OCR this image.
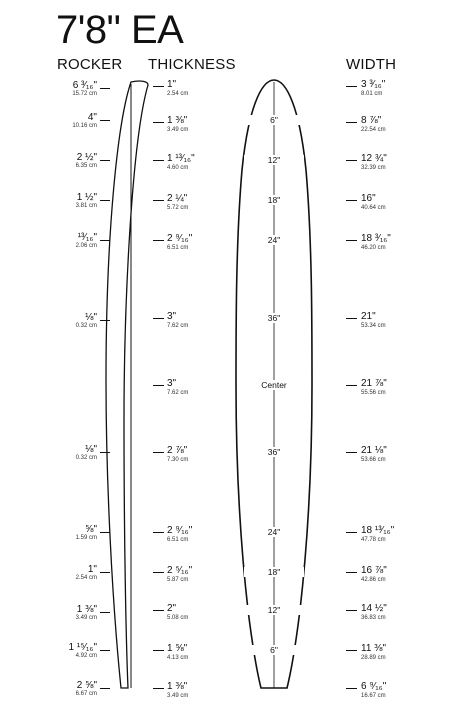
7'8" EA
ROCKER THICKNESS	WIDTH
6 ³⁄₁₆"
15.72 cm
4"
10.16 cm
2 ½"
6.35 cm
1 ½"
3.81 cm
¹³⁄₁₆"
2.06 cm
⅛"
0.32 cm
⅛"
0.32 cm
⅝"
1.59 cm
1"
2.54 cm
1 ⅜"
3.49 cm
1 ¹⁵⁄₁₆"
4.92 cm
2 ⅝"
6.67 cm
1"
2.54 cm
1 ⅜"
3.49 cm
1 ¹³⁄₁₆"
4.60 cm
2 ¼"
5.72 cm
2 ⁹⁄₁₆"
6.51 cm
3"
7.62 cm
3"
7.62 cm
2 ⅞"
7.30 cm
2 ⁹⁄₁₆"
6.51 cm
2 ⁵⁄₁₆"
5.87 cm
2"
5.08 cm
1 ⅝"
4.13 cm
1 ⅜"
3.49 cm
3 ³⁄₁₆"
8.01 cm
8 ⅞"
22.54 cm
12 ¾"
32.39 cm
16"
40.64 cm
18 ³⁄₁₆"
46.20 cm
21"
53.34 cm
21 ⅞"
55.56 cm
21 ⅛"
53.66 cm
18 ¹³⁄₁₆"
47.78 cm
16 ⅞"
42.86 cm
14 ½"
36.83 cm
11 ⅜"
28.89 cm
6 ⁹⁄₁₆"
16.67 cm
6"
12"
18"
24"
36"
Center
36"
24"
18"
12"
6"
